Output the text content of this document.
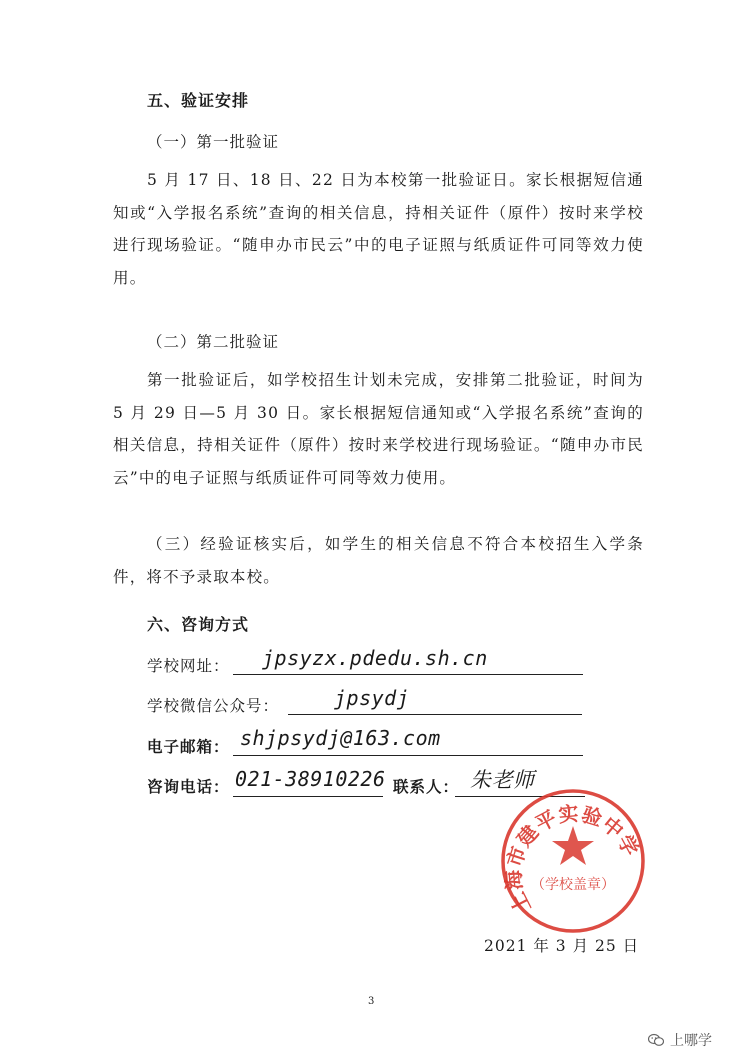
五、验证安排
（一）第一批验证
5 月 17 日、18 日、22 日为本校第一批验证日。家长根据短信通知或“入学报名系统”查询的相关信息，持相关证件（原件）按时来学校进行现场验证。“随申办市民云”中的电子证照与纸质证件可同等效力使用。
（二）第二批验证
第一批验证后，如学校招生计划未完成，安排第二批验证，时间为 5 月 29 日—5 月 30 日。家长根据短信通知或“入学报名系统”查询的相关信息，持相关证件（原件）按时来学校进行现场验证。“随申办市民云”中的电子证照与纸质证件可同等效力使用。
（三）经验证核实后，如学生的相关信息不符合本校招生入学条件，将不予录取本校。
六、咨询方式
学校网址： jpsyzx.pdedu.sh.cn
学校微信公众号：	jpsydj
电子邮箱： shjpsydj@163.com
咨询电话： 021-38910226 联系人： 朱老师
上海市建平实验中学
（学校盖章）
2021 年 3 月 25 日
3
上哪学
